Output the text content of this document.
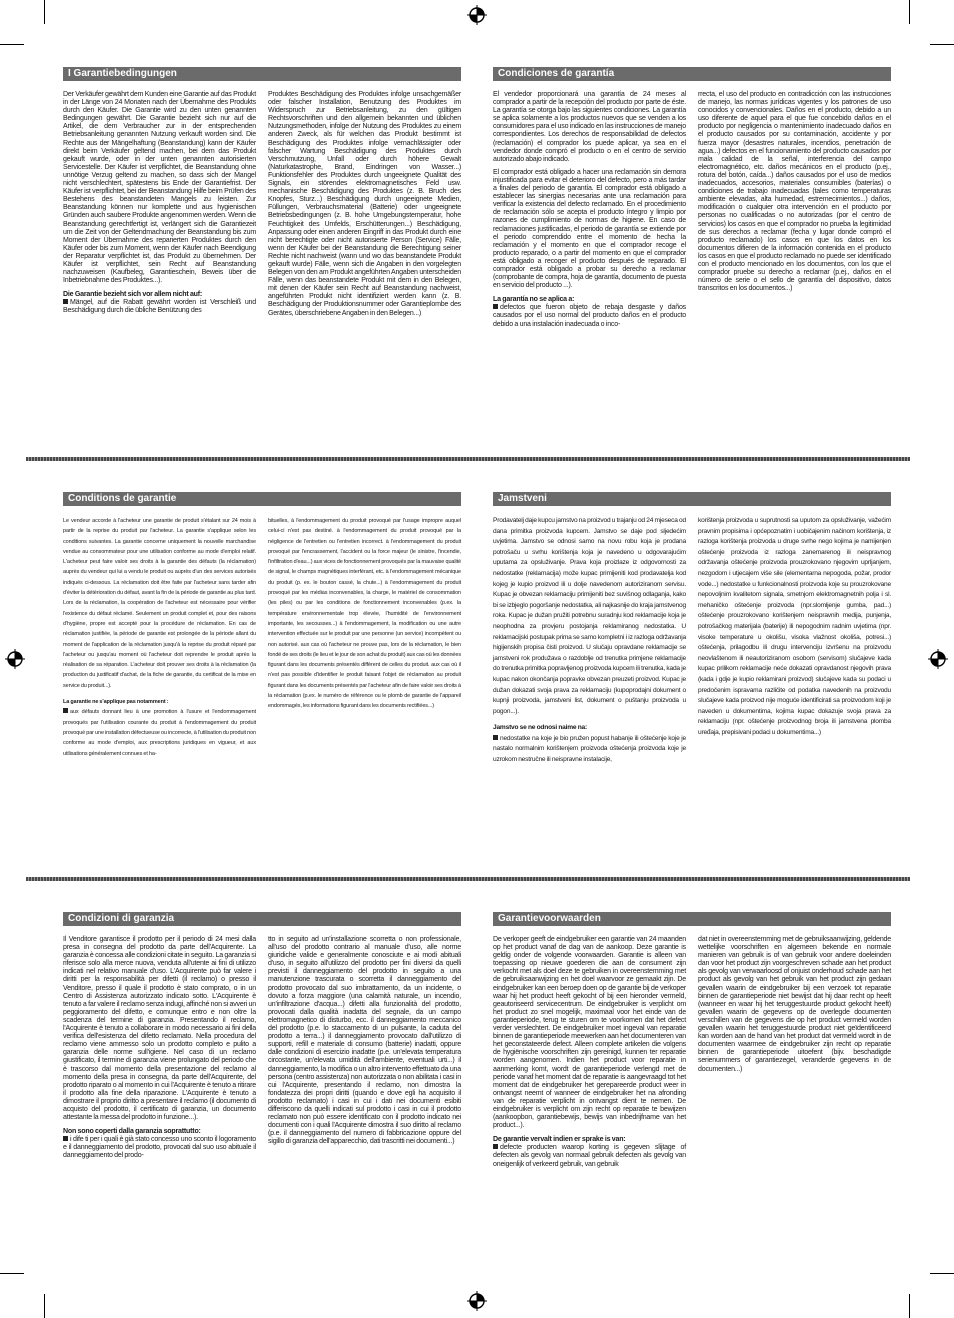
I Garantiebedingungen

Der Verkäufer gewährt dem Kunden eine Garantie auf das Produkt in der Länge von 24 Monaten nach der Übernahme des Produkts durch den Käufer. Die Garantie wird zu den unten genannten Bedingungen gewährt. Die Garantie bezieht sich nur auf die Artikel, die dem Verbraucher zur in der entsprechenden Betriebsanleitung genannten Nutzung verkauft worden sind. Die Rechte aus der Mängelhaftung (Beanstandung) kann der Käufer direkt beim Verkäufer geltend machen, bei dem das Produkt gekauft wurde, oder in der unten genannten autorisierten Servicestelle. Der Käufer ist verpflichtet, die Beanstandung ohne unnötige Verzug geltend zu machen, so dass sich der Mangel nicht verschlechtert, spätestens bis Ende der Garantiefrist. Der Käufer ist verpflichtet, bei der Beanstandung Hilfe beim Prüfen des Bestehens des beanstandeten Mangels zu leisten. Zur Beanstandung können nur komplette und aus hygienischen Gründen auch saubere Produkte angenommen werden. Wenn die Beanstandung gerechtfertigt ist, verlängert sich die Garantiezeit um die Zeit von der Geltendmachung der Beanstandung bis zum Moment der Übernahme des reparierten Produktes durch den Käufer oder bis zum Moment, wenn der Käufer nach Beendigung der Reparatur verpflichtet ist, das Produkt zu übernehmen. Der Käufer ist verpflichtet, sein Recht auf Beanstandung nachzuweisen (Kaufbeleg, Garantieschein, Beweis über die Inbetriebnahme des Produktes...).

Die Garantie bezieht sich vor allem nicht auf:

Mängel, auf die Rabatt gewährt worden ist Verschleiß und Beschädigung durch die übliche Benützung des

Produktes Beschädigung des Produktes infolge unsachgemäßer oder falscher Installation, Benutzung des Produktes im Widerspruch zur Betriebsanleitung, zu den gültigen Rechtsvorschriften und den allgemein bekannten und üblichen Nutzungsmethoden, infolge der Nutzung des Produktes zu einem anderen Zweck, als für welchen das Produkt bestimmt ist Beschädigung des Produktes infolge vernachlässigter oder falscher Wartung Beschädigung des Produktes durch Verschmutzung, Unfall oder durch höhere Gewalt (Naturkatastrophe, Brand, Eindringen von Wasser...) Funktionsfehler des Produktes durch ungeeignete Qualität des Signals, ein störendes elektromagnetisches Feld usw. mechanische Beschädigung des Produktes (z. B. Bruch des Knopfes, Sturz...) Beschädigung durch ungeeignete Medien, Füllungen, Verbrauchsmaterial (Batterie) oder ungeeignete Betriebsbedingungen (z. B. hohe Umgebungstemperatur, hohe Feuchtigkeit des Umfelds, Erschütterungen...) Beschädigung, Anpassung oder einen anderen Eingriff in das Produkt durch eine nicht berechtigte oder nicht autorisierte Person (Service) Fälle, wenn der Käufer bei der Beanstandung die Berechtigung seiner Rechte nicht nachweist (wann und wo das beanstandete Produkt gekauft wurde) Fälle, wenn sich die Angaben in den vorgelegten Belegen von den am Produkt angeführten Angaben unterscheiden Fälle, wenn das beanstandete Produkt mit dem in den Belegen, mit denen der Käufer sein Recht auf Beanstandung nachweist, angeführten Produkt nicht identifiziert werden kann (z. B. Beschädigung der Produktionsnummer oder Garantieplombe des Gerätes, überschriebene Angaben in den Belegen...)

Condiciones de garantía

El vendedor proporcionará una garantía de 24 meses al comprador a partir de la recepción del producto por parte de éste. La garantía se otorga bajo las siguientes condiciones. La garantía se aplica solamente a los productos nuevos que se venden a los consumidores para el uso indicado en las instrucciones de manejo correspondientes. Los derechos de responsabilidad de defectos (reclamación) el comprador los puede aplicar, ya sea en el vendedor donde compró el producto o en el centro de servicio autorizado abajo indicado.

El comprador está obligado a hacer una reclamación sin demora injustificada para evitar el deterioro del defecto, pero a más tardar a finales del periodo de garantía. El comprador está obligado a establecer las sinergias necesarias ante una reclamación para verificar la existencia del defecto reclamado. En el procedimiento de reclamación sólo se acepta el producto íntegro y limpio por razones de cumplimiento de normas de higiene. En caso de reclamaciones justificadas, el periodo de garantía se extiende por el periodo comprendido entre el momento de hecha la reclamación y el momento en que el comprador recoge el producto reparado, o a partir del momento en que el comprador está obligado a recoger el producto después de reparado. El comprador está obligado a probar su derecho a reclamar (comprobante de compra, hoja de garantía, documento de puesta en servicio del producto ...).

La garantía no se aplica a:

defectos que fueron objeto de rebaja desgaste y daños causados por el uso normal del producto daños en el producto debido a una instalación inadecuada o inco-

rrecta, el uso del producto en contradicción con las instrucciones de manejo, las normas jurídicas vigentes y los patrones de uso conocidos y convencionales. Daños en el producto, debido a un uso diferente de aquel para el que fue concebido daños en el producto por negligencia o mantenimiento inadecuado daños en el producto causados por su contaminación, accidente y por fuerza mayor (desastres naturales, incendios, penetración de agua...) defectos en el funcionamiento del producto causados por mala calidad de la señal, interferencia del campo electromagnético, etc. daños mecánicos en el producto (p.ej., rotura del botón, caída...) daños causados por el uso de medios inadecuados, accesorios, materiales consumibles (baterías) o condiciones de trabajo inadecuadas (tales como temperaturas ambiente elevadas, alta humedad, estremecimientos...) daños, modificación o cualquier otra intervención en el producto por personas no cualificadas o no autorizadas (por el centro de servicios) los casos en que el comprador no prueba la legitimidad de sus derechos a reclamar (fecha y lugar donde compró el producto reclamado) los casos en que los datos en los documentos difieren de la información contenida en el producto los casos en que el producto reclamado no puede ser identificado con el producto mencionado en los documentos, con los que el comprador pruebe su derecho a reclamar (p.ej., daños en el número de serie o el sello de garantía del dispositivo, datos transcritos en los documentos...)

Conditions de garantie

Le vendeur accorde à l'acheteur une garantie de produit s'étalant sur 24 mois à partir de la reprise du produit par l'acheteur. La garantie s'applique selon les conditions suivantes. La garantie concerne uniquement la nouvelle marchandise vendue au consommateur pour une utilisation conforme au mode d'emploi relatif. L'acheteur peut faire valoir ses droits à la garantie des défauts (la réclamation) auprès du vendeur qui lui a vendu le produit ou auprès d'un des services autorisés indiqués ci-dessous. La réclamation doit être faite par l'acheteur sans tarder afin d'éviter la détérioration du défaut, avant la fin de la période de garantie au plus tard. Lors de la réclamation, la coopération de l'acheteur est nécessaire pour vérifier l'existence du défaut réclamé. Seulement un produit complet et, pour des raisons d'hygiène, propre est accepté pour la procédure de réclamation. En cas de réclamation justifiée, la période de garantie est prolongée de la période allant du moment de l'application de la réclamation jusqu'à la reprise du produit réparé par l'acheteur ou jusqu'au moment où l'acheteur doit reprendre le produit après la réalisation de sa réparation. L'acheteur doit prouver ses droits à la réclamation (la production du justificatif d'achat, de la fiche de garantie, du certificat de la mise en service du produit...).

La garantie ne s'applique pas notamment :

aux défauts donnant lieu à une promotion à l'usure et l'endommagement provoqués par l'utilisation courante du produit à l'endommagement du produit provoqué par une installation défectueuse ou incorrecte, à l'utilisation du produit non conforme au mode d'emploi, aux prescriptions juridiques en vigueur, et aux utilisations généralement connues et ha-

bituelles, à l'endommagement du produit provoqué par l'usage impropre auquel celui-ci n'est pas destiné. à l'endommagement du produit provoqué par la négligence de l'entretien ou l'entretien incorrect. à l'endommagement du produit provoqué par l'encrassement, l'accident ou la force majeur (le sinistre, l'incendie, l'infiltration d'eau...) aux vices de fonctionnement provoqués par la mauvaise qualité de signal, le champs magnétiques interférant, etc. à l'endommagement mécanique du produit (p. ex. le bouton cassé, la chute...) à l'endommagement du produit provoqué par les médias inconvenables, la charge, le matériel de consommation (les piles) ou par les conditions de fonctionnement inconvenables (p.ex. la température environnementale trop élevée, l'humidité de l'environnement importante, les secousses...) à l'endommagement, la modification ou une autre intervention effectuée sur le produit par une personne (un service) incompétent ou non autorisé. aux cas où l'acheteur ne prouve pas, lors de la réclamation, le bien fondé de ses droits (le lieu et le jour de son achat du produit) aux cas où les données figurant dans les documents présentés diffèrent de celles du produit. aux cas où il n'est pas possible d'identifier le produit faisant l'objet de réclamation au produit figurant dans les documents présentés par l'acheteur afin de faire valoir ses droits à la réclamation (p.ex. le numéro de référence ou le plomb de garantie de l'appareil endommagés, les informations figurant dans les documents rectifiées...)

Jamstveni

Prodavatelj daje kupcu jamstvo na proizvod u trajanju od 24 mjeseca od dana primitka proizvoda kupcem. Jamstvo se daje pod sljedećim uvjetima. Jamstvo se odnosi samo na novu robu koja je prodana potrošaču u svrhu korištenja koja je navedeno u odgovarajućim uputama za opsluživanje. Prava koja proizlaze iz odgovornosti za nedostatke (reklamacija) može kupac primijeniti kod prodavatelja kod kojeg je kupio proizvod ili u dolje navedenom autoriziranom servisu. Kupac je obvezan reklamaciju primijeniti bez suvišnog odlaganja, kako bi se izbjeglo pogoršanje nedostatka, ali najkasnije do kraja jamstvenog roka. Kupac je dužan pružiti potrebnu suradnju kod reklamacije koja je neophodna za provjeru postojanja reklamiranog nedostatka. U reklamacijski postupak prima se samo kompletni i iz razloga održavanja higijenskih propisa čisti proizvod. U slučaju opravdane reklamacije se jamstveni rok produžava o razdoblje od trenutka primjene reklamacije do trenutka primitka popravljenog proizvoda kupcem ili trenutka, kada je kupac nakon okončanja popravke obvezan preuzeti proizvod. Kupac je dužan dokazati svoja prava za reklamaciju (kupoprodajni dokument o kupnji proizvoda, jamstveni list, dokument o puštanju proizvoda u pogon...).

Jamstvo se ne odnosi naime na:

nedostatke na koje je bio pružen popust habanje ili oštećenje koje je nastalo normalnim korištenjem proizvoda oštećenja proizvoda koje je uzrokom nestručne ili neispravne instalacije,

korištenja proizvoda u suprutnosti sa uputom za opsluživanje, važećim pravnim propisima i općepoznatim i uobičajenim načinom korištenja, iz razloga korištenja proizvoda u druge svrhe nego kojima je namijenjen oštećenje proizvoda iz razloga zanemarenog ili neispravnog održavanja oštećenje proizvoda prouzrokovano njegovim uprljanjem, nezgodom i utjecajem više sile (elementarna nepogoda, požar, prodor vode...) nedostatke u funkcionalnosti proizvoda koje su prouzrokovane nepovoljnim kvalitetom signala, smetnjom elektromagnetnih polja i sl. mehaničko oštećenje proizvoda (npr.slomljenje gumba, pad...) oštećenje prouzrokovano korištenjem neispravnih medija, punjenja, potrošačkog materijala (baterije) ili nepogodnim radnim uvjetima (npr. visoke temperature u okolišu, visoka vlažnost okoliša, potresi...) oštećenja, prilagodbu ili drugu intervenciju izvršenu na proizvodu neovlaštenom ili neautoriziranom osobom (servisom) slučajeve kada kupac prilikom reklamacije neće dokazati opravdanost njegovih prava (kada i gdje je kupio reklamirani proizvod) slučajeve kada su podaci u predočenim ispravama različite od podatka navedenih na proizvodu slučajeve kada proizvod nije moguće identificirati sa proizvodom koji je naveden u dokumentima, kojima kupac dokazuje svoja prava za reklamaciju (npr. oštećenje proizvodnog broja ili jamstvena plomba uređaja, prepisivani podaci u dokumentima...)

Condizioni di garanzia

Il Venditore garantisce il prodotto per il periodo di 24 mesi dalla presa in consegna del prodotto da parte dell'Acquirente. La garanzia è concessa alle condizioni citate in seguito. La garanzia si riferisce solo alla merce nuova, venduta all'utente ai fini di utilizzo indicati nel relativo manuale d'uso. L'Acquirente può far valere i diritti per la responsabilità per difetti (il reclamo) o presso il Venditore, presso il quale il prodotto è stato comprato, o in un Centro di Assistenza autorizzato indicato sotto. L'Acquirente è tenuto a far valere il reclamo senza indugi, affinché non si avveri un peggioramento del difetto, e comunque entro e non oltre la scadenza del termine di garanzia. Presentando il reclamo, l'Acquirente è tenuto a collaborare in modo necessario ai fini della verifica dell'esistenza del difetto reclamato. Nella procedura del reclamo viene ammesso solo un prodotto completo e pulito a garanzia delle norme sull'igiene. Nel caso di un reclamo giustificato, il termine di garanzia viene prolungato del periodo che è trascorso dal momento della presentazione del reclamo al momento della presa in consegna, da parte dell'Acquirente, del prodotto riparato o al momento in cui l'Acquirente è tenuto a ritirare il prodotto alla fine della riparazione. L'Acquirente è tenuto a dimostrare il proprio diritto a presentare il reclamo (il documento di acquisto del prodotto, il certificato di garanzia, un documento attestante la messa del prodotto in funzione...).

Non sono coperti dalla garanzia soprattutto:

i dife ti per i quali è già stato concesso uno sconto il logoramento e il danneggiamento del prodotto, provocati dal suo uso abituale il danneggiamento del prodo-

tto in seguito ad un'installazione scorretta o non professionale, all'uso del prodotto contrario al manuale d'uso, alle norme giuridiche valide e generalmente conosciute e ai modi abituali d'uso, in seguito all'utilizzo del prodotto per fini diversi da quelli previsti il danneggiamento del prodotto in seguito a una manutenzione trascurata o scorretta il danneggiamento del prodotto provocato dal suo imbrattamento, da un incidente, o dovuto a forza maggiore (una calamità naturale, un incendio, un'infiltrazione d'acqua...) difetti alla funzionalità del prodotto, provocati dalla qualità inadatta del segnale, da un campo elettromagnetico di disturbo, ecc. il danneggiamento meccanico del prodotto (p.e. lo staccamento di un pulsante, la caduta del prodotto a terra...) il danneggiamento provocato dall'utilizzo di supporti, refill e materiale di consumo (batterie) inadatti, oppure dalle condizioni di esercizio inadatte (p.e. un'elevata temperatura circostante, un'elevata umidità dell'ambiente, eventuali urti...) il danneggiamento, la modifica o un altro intervento effettuato da una persona (centro assistenza) non autorizzata o non abilitata i casi in cui l'Acquirente, presentando il reclamo, non dimostra la fondatezza dei propri diritti (quando e dove egli ha acquisito il prodotto reclamato) i casi in cui i dati nei documenti esibiti differiscono da quelli indicati sul prodotto i casi in cui il prodotto reclamato non può essere identificato con il prodotto indicato nei documenti con i quali l'Acquirente dimostra il suo diritto al reclamo (p.e. il danneggiamento del numero di fabbricazione oppure del sigillo di garanzia dell'apparecchio, dati trascritti nei documenti...)

Garantievoorwaarden

De verkoper geeft de eindgebruiker een garantie van 24 maanden op het product vanaf de dag van de aankoop. Deze garantie is geldig onder de volgende voorwaarden. Garantie is alleen van toepassing op nieuwe goederen die aan de consument zijn verkocht met als doel deze te gebruiken in overeenstemming met de gebruiksaanwijzing en het doel waarvoor ze gemaakt zijn. De eindgebruiker kan een beroep doen op de garantie bij de verkoper waar hij het product heeft gekocht of bij een hieronder vermeld, geautoriseerd servicecentrum. De eindgebruiker is verplicht om het product zo snel mogelijk, maximaal voor het einde van de garantieperiode, terug te sturen om te voorkomen dat het defect verder verslechtert. De eindgebruiker moet ingeval van reparatie binnen de garantieperiode meewerken aan het documenteren van het geconstateerde defect. Alleen complete artikelen die volgens de hygiënische voorschriften zijn gereinigd, kunnen ter reparatie worden aangenomen. Indien het product voor reparatie in aanmerking komt, wordt de garantieperiode verlengd met de periode vanaf het moment dat de reparatie is aangevraagd tot het moment dat de eindgebruiker het gerepareerde product weer in ontvangst neemt of wanneer de eindgebruiker het na afronding van de reparatie verplicht in ontvangst dient te nemen. De eindgebruiker is verplicht om zijn recht op reparatie te bewijzen (aankoopbon, garantiebewijs, bewijs van inbedrijfname van het product...).

De garantie vervalt indien er sprake is van:

defecte producten waarop korting is gegeven slijtage of defecten als gevolg van normaal gebruik defecten als gevolg van oneigenlijk of verkeerd gebruik, van gebruik

dat niet in overeenstemming met de gebruiksaanwijzing, geldende wettelijke voorschriften en algemeen bekende en normale manieren van gebruik is of van gebruik voor andere doeleinden dan voor het product zijn voorgeschreven schade aan het product als gevolg van verwaarloosd of onjuist onderhoud schade aan het product als gevolg van het gebruik van het product zijn gedaan gevallen waarin de eindgebruiker bij een verzoek tot reparatie binnen de garantieperiode niet bewijst dat hij daar recht op heeft (wanneer en waar hij het teruggestuurde product gekocht heeft) gevallen waarin de gegevens op de overlegde documenten verschillen van de gegevens die op het product vermeld worden gevallen waarin het teruggestuurde product niet geïdentificeerd kan worden aan de hand van het product dat vermeld wordt in de documenten waarmee de eindgebruiker zijn recht op reparatie binnen de garantieperiode uitoefent (bijv. beschadigde serienummers of garantiezegel, veranderde gegevens in de documenten...)
